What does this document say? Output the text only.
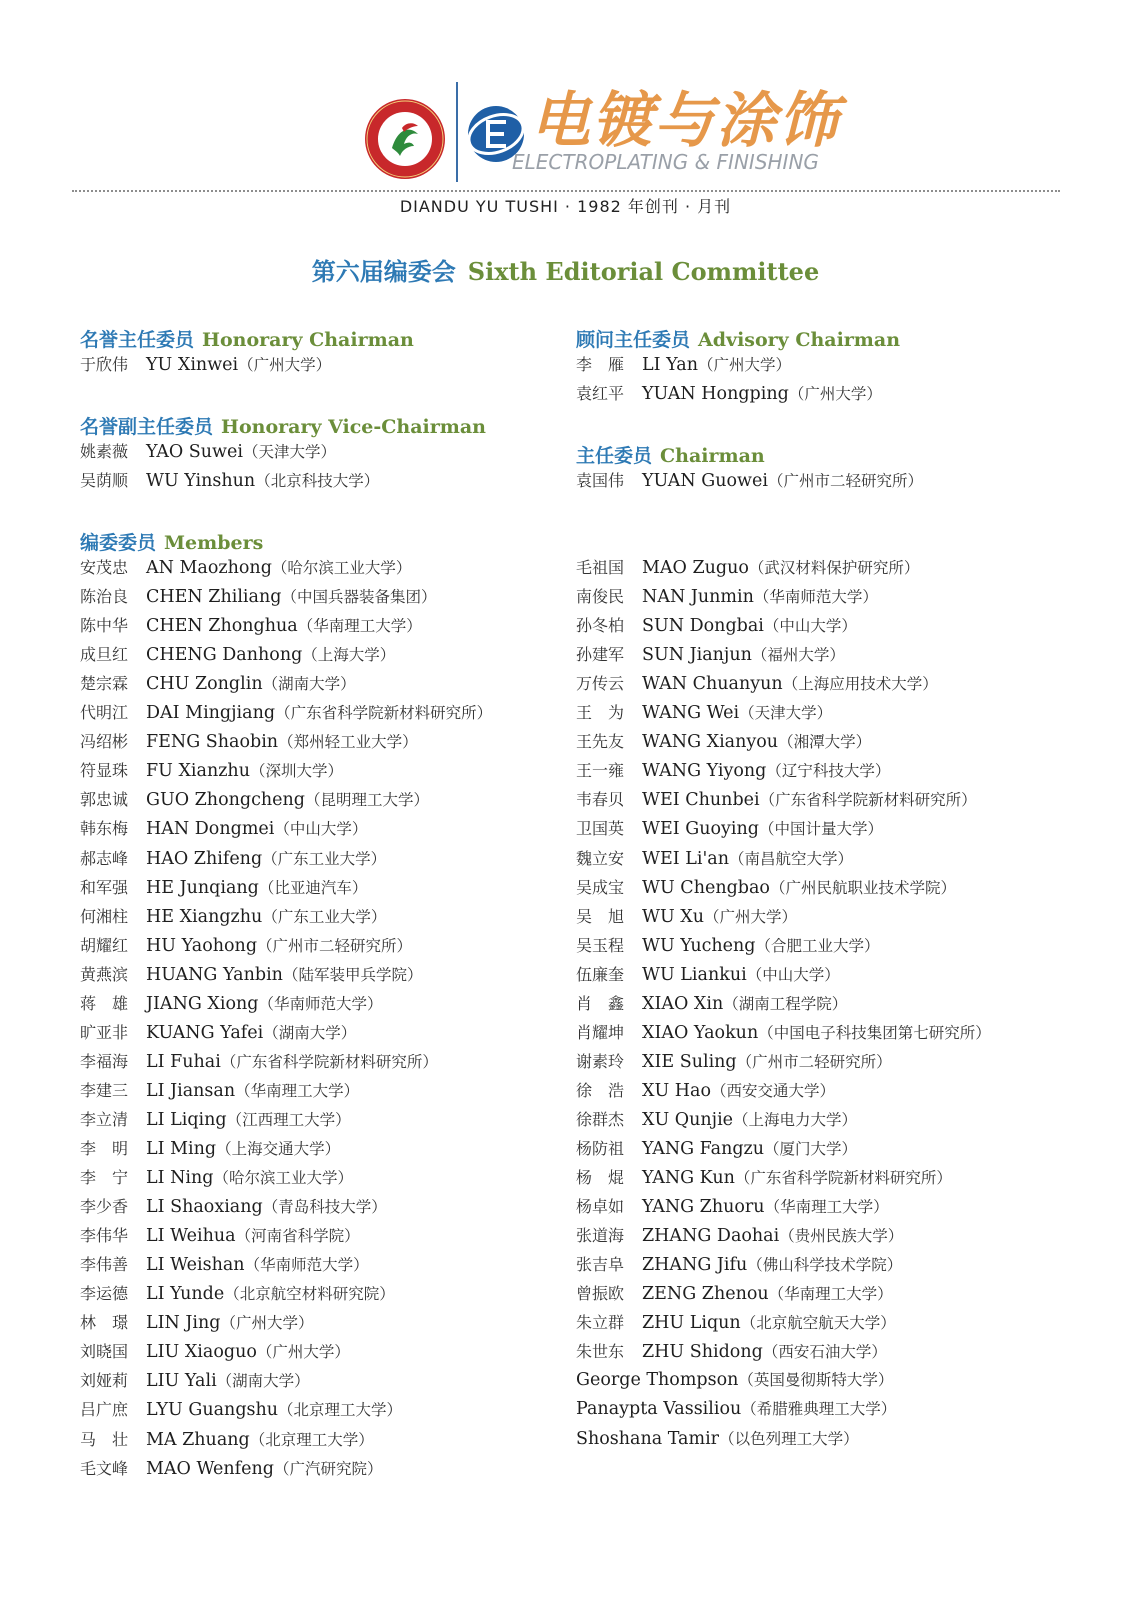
电镀与涂饰
ELECTROPLATING & FINISHING
DIANDU YU TUSHI · 1982 年创刊 · 月刊
第六届编委会 Sixth Editorial Committee
名誉主任委员 Honorary Chairman
于欣伟 YU Xinwei（广州大学）
顾问主任委员 Advisory Chairman
李　雁 LI Yan（广州大学）
袁红平 YUAN Hongping（广州大学）
名誉副主任委员 Honorary Vice-Chairman
姚素薇 YAO Suwei（天津大学）
吴荫顺 WU Yinshun（北京科技大学）
主任委员 Chairman
袁国伟 YUAN Guowei（广州市二轻研究所）
编委委员 Members
安茂忠 AN Maozhong（哈尔滨工业大学）
陈治良 CHEN Zhiliang（中国兵器装备集团）
陈中华 CHEN Zhonghua（华南理工大学）
成旦红 CHENG Danhong（上海大学）
楚宗霖 CHU Zonglin（湖南大学）
代明江 DAI Mingjiang（广东省科学院新材料研究所）
冯绍彬 FENG Shaobin（郑州轻工业大学）
符显珠 FU Xianzhu（深圳大学）
郭忠诚 GUO Zhongcheng（昆明理工大学）
韩东梅 HAN Dongmei（中山大学）
郝志峰 HAO Zhifeng（广东工业大学）
和军强 HE Junqiang（比亚迪汽车）
何湘柱 HE Xiangzhu（广东工业大学）
胡耀红 HU Yaohong（广州市二轻研究所）
黄燕滨 HUANG Yanbin（陆军装甲兵学院）
蒋　雄 JIANG Xiong（华南师范大学）
旷亚非 KUANG Yafei（湖南大学）
李福海 LI Fuhai（广东省科学院新材料研究所）
李建三 LI Jiansan（华南理工大学）
李立清 LI Liqing（江西理工大学）
李　明 LI Ming（上海交通大学）
李　宁 LI Ning（哈尔滨工业大学）
李少香 LI Shaoxiang（青岛科技大学）
李伟华 LI Weihua（河南省科学院）
李伟善 LI Weishan（华南师范大学）
李运德 LI Yunde（北京航空材料研究院）
林　璟 LIN Jing（广州大学）
刘晓国 LIU Xiaoguo（广州大学）
刘娅莉 LIU Yali（湖南大学）
吕广庶 LYU Guangshu（北京理工大学）
马　壮 MA Zhuang（北京理工大学）
毛文峰 MAO Wenfeng（广汽研究院）
毛祖国 MAO Zuguo（武汉材料保护研究所）
南俊民 NAN Junmin（华南师范大学）
孙冬柏 SUN Dongbai（中山大学）
孙建军 SUN Jianjun（福州大学）
万传云 WAN Chuanyun（上海应用技术大学）
王　为 WANG Wei（天津大学）
王先友 WANG Xianyou（湘潭大学）
王一雍 WANG Yiyong（辽宁科技大学）
韦春贝 WEI Chunbei（广东省科学院新材料研究所）
卫国英 WEI Guoying（中国计量大学）
魏立安 WEI Li'an（南昌航空大学）
吴成宝 WU Chengbao（广州民航职业技术学院）
吴　旭 WU Xu（广州大学）
吴玉程 WU Yucheng（合肥工业大学）
伍廉奎 WU Liankui（中山大学）
肖　鑫 XIAO Xin（湖南工程学院）
肖耀坤 XIAO Yaokun（中国电子科技集团第七研究所）
谢素玲 XIE Suling（广州市二轻研究所）
徐　浩 XU Hao（西安交通大学）
徐群杰 XU Qunjie（上海电力大学）
杨防祖 YANG Fangzu（厦门大学）
杨　焜 YANG Kun（广东省科学院新材料研究所）
杨卓如 YANG Zhuoru（华南理工大学）
张道海 ZHANG Daohai（贵州民族大学）
张吉阜 ZHANG Jifu（佛山科学技术学院）
曾振欧 ZENG Zhenou（华南理工大学）
朱立群 ZHU Liqun（北京航空航天大学）
朱世东 ZHU Shidong（西安石油大学）
George Thompson（英国曼彻斯特大学）
Panaypta Vassiliou（希腊雅典理工大学）
Shoshana Tamir（以色列理工大学）
